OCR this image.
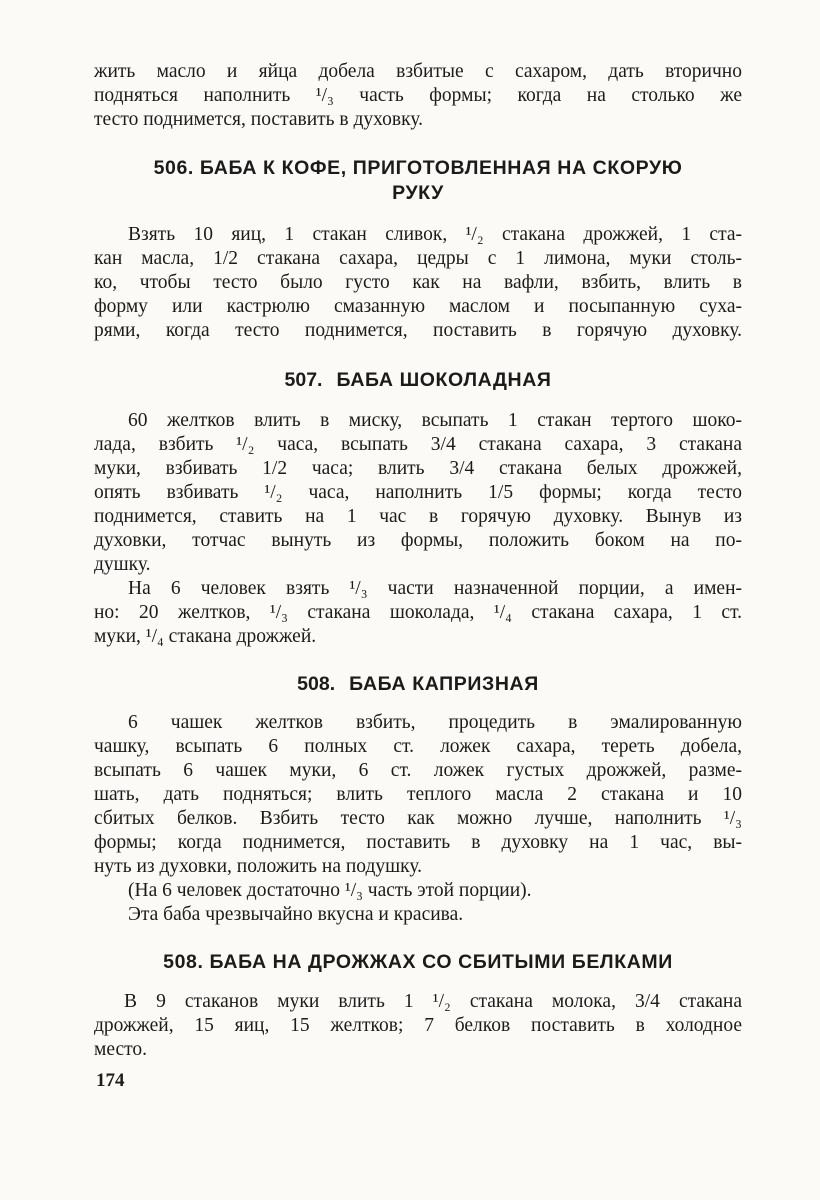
жить масло и яйца добела взбитые с сахаром, дать вторично
подняться наполнить ¹/₃ часть формы; когда на столько же
тесто поднимется, поставить в духовку.
506. БАБА К КОФЕ, ПРИГОТОВЛЕННАЯ НА СКОРУЮ
РУКУ
Взять 10 яиц, 1 стакан сливок, ¹/₂ стакана дрожжей, 1 ста-
кан масла, 1/2 стакана сахара, цедры с 1 лимона, муки столь-
ко, чтобы тесто было густо как на вафли, взбить, влить в
форму или кастрюлю смазанную маслом и посыпанную суха-
рями, когда тесто поднимется, поставить в горячую духовку.
507. БАБА ШОКОЛАДНАЯ
60 желтков влить в миску, всыпать 1 стакан тертого шоко-
лада, взбить ¹/₂ часа, всыпать 3/4 стакана сахара, 3 стакана
муки, взбивать 1/2 часа; влить 3/4 стакана белых дрожжей,
опять взбивать ¹/₂ часа, наполнить 1/5 формы; когда тесто
поднимется, ставить на 1 час в горячую духовку. Вынув из
духовки, тотчас вынуть из формы, положить боком на по-
душку.
На 6 человек взять ¹/₃ части назначенной порции, а имен-
но: 20 желтков, ¹/₃ стакана шоколада, ¹/₄ стакана сахара, 1 ст.
муки, ¹/₄ стакана дрожжей.
508. БАБА КАПРИЗНАЯ
6 чашек желтков взбить, процедить в эмалированную
чашку, всыпать 6 полных ст. ложек сахара, тереть добела,
всыпать 6 чашек муки, 6 ст. ложек густых дрожжей, разме-
шать, дать подняться; влить теплого масла 2 стакана и 10
сбитых белков. Взбить тесто как можно лучше, наполнить ¹/₃
формы; когда поднимется, поставить в духовку на 1 час, вы-
нуть из духовки, положить на подушку.
(На 6 человек достаточно ¹/₃ часть этой порции).
Эта баба чрезвычайно вкусна и красива.
508. БАБА НА ДРОЖЖАХ СО СБИТЫМИ БЕЛКАМИ
В 9 стаканов муки влить 1 ¹/₂ стакана молока, 3/4 стакана
дрожжей, 15 яиц, 15 желтков; 7 белков поставить в холодное
место.
174
